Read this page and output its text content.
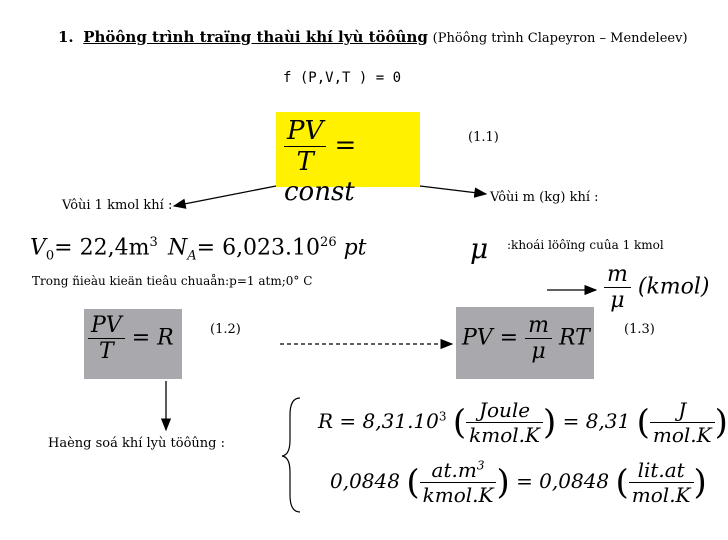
1. Phöông trình traïng thaùi khí lyù töôûng (Phöông trình Clapeyron – Mendeleev)
f (P,V,T ) = 0
$\frac{PV}{T}$ = const
(1.1)
Vôùi 1 kmol khí :
Vôùi m (kg) khí :
$V_0= 22,4m^3$ $N_A= 6,023.10^{26}$ pt	μ :khoái löôïng cuûa 1 kmol
Trong ñieàu kieän tieâu chuaån:p=1 atm;0° C	$\frac{m}{\mu}$ (kmol)
$\frac{PV}{T} = R$	(1.2)	PV = $\frac{m}{\mu}$ RT	(1.3)
Haèng soá khí lyù töôûng :
$R = 8,31.10^3$ ( $\frac{\text{Joule}}{\text{kmol.K}}$ ) = 8,31 ( $\frac{J}{\text{mol.K}}$ )
0,0848 ( $\frac{at.m^3}{\text{kmol.K}}$ ) = 0,0848 ( $\frac{\text{lit.at}}{\text{mol.K}}$ )
